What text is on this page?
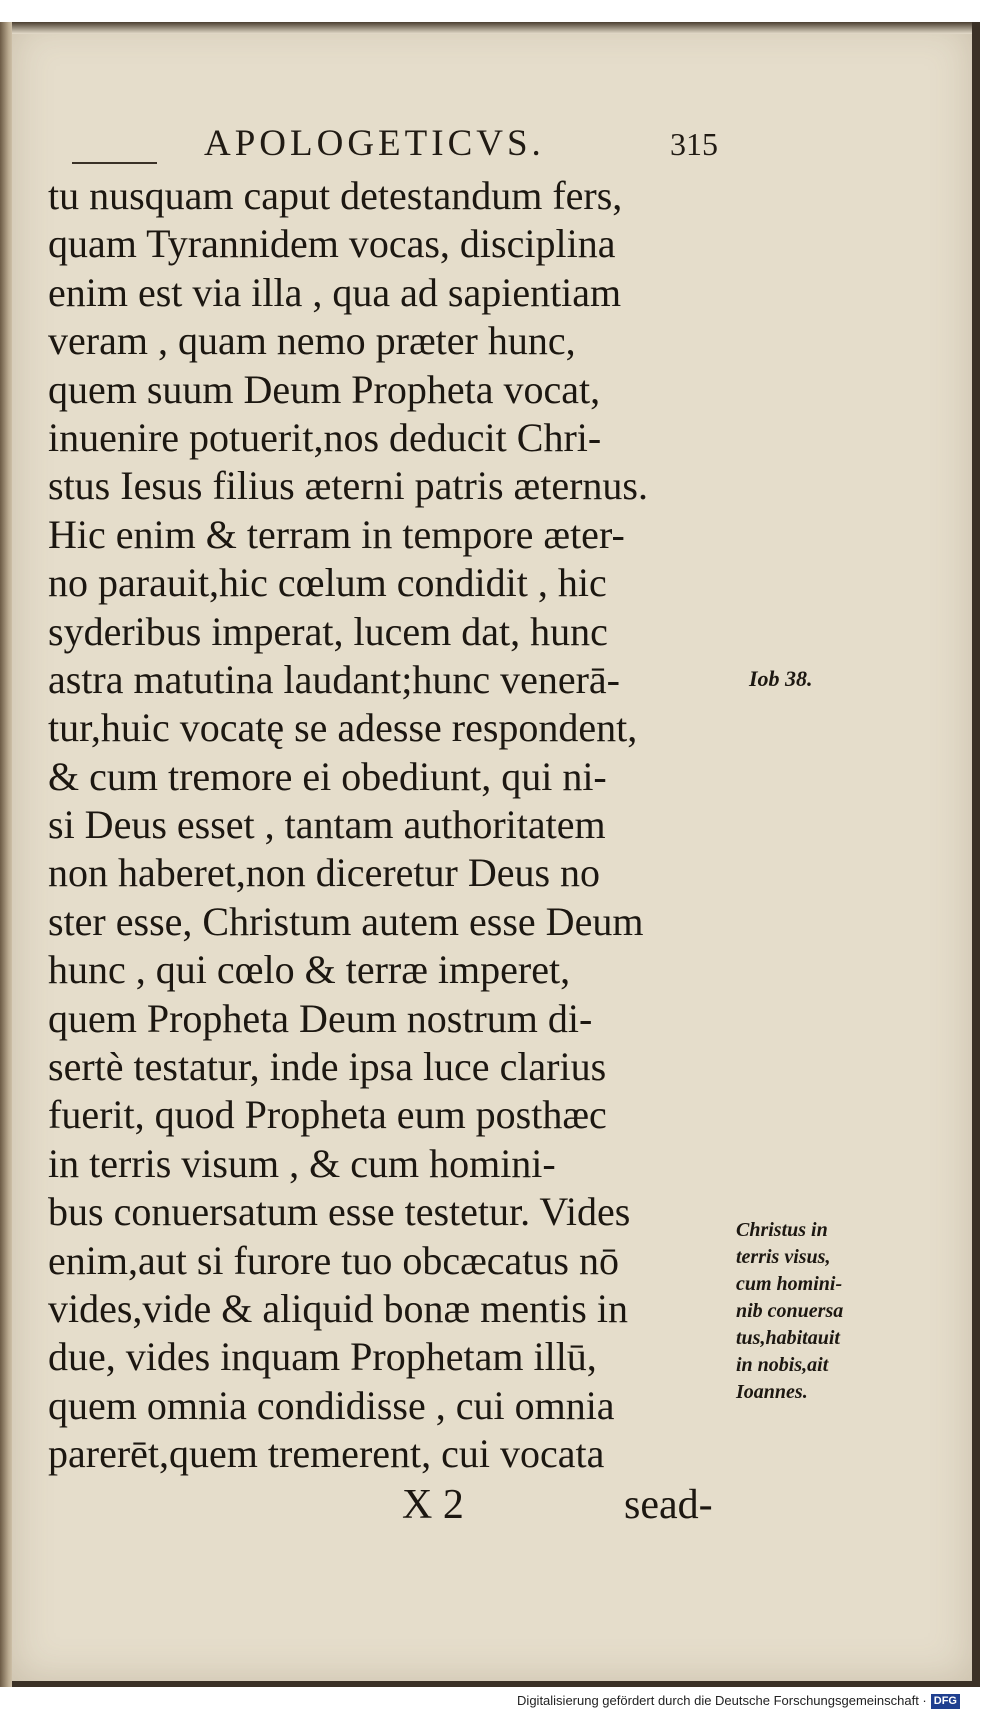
APOLOGETICVS.	315
tu nusquam caput detestandum fers,
quam Tyrannidem vocas, disciplina
enim est via illa , qua ad sapientiam
veram , quam nemo præter hunc,
quem suum Deum Propheta vocat,
inuenire potuerit,nos deducit Chri-
stus Iesus filius æterni patris æternus.
Hic enim & terram in tempore æter-
no parauit,hic cœlum condidit , hic
syderibus imperat, lucem dat, hunc
astra matutina laudant;hunc venerā-
tur,huic vocatę se adesse respondent,
& cum tremore ei obediunt, qui ni-
si Deus esset , tantam authoritatem
non haberet,non diceretur Deus no
ster esse, Christum autem esse Deum
hunc , qui cœlo & terræ imperet,
quem Propheta Deum nostrum di-
sertè testatur, inde ipsa luce clarius
fuerit, quod Propheta eum posthæc
in terris visum , & cum homini-
bus conuersatum esse testetur. Vides
enim,aut si furore tuo obcæcatus nō
vides,vide & aliquid bonæ mentis in
due, vides inquam Prophetam illū,
quem omnia condidisse , cui omnia
parerēt,quem tremerent, cui vocata
Iob 38.
Christus in
terris visus,
cum homini-
nib conuersa
tus,habitauit
in nobis,ait
Ioannes.
X 2	sead-
Digitalisierung gefördert durch die Deutsche Forschungsgemeinschaft · DFG
